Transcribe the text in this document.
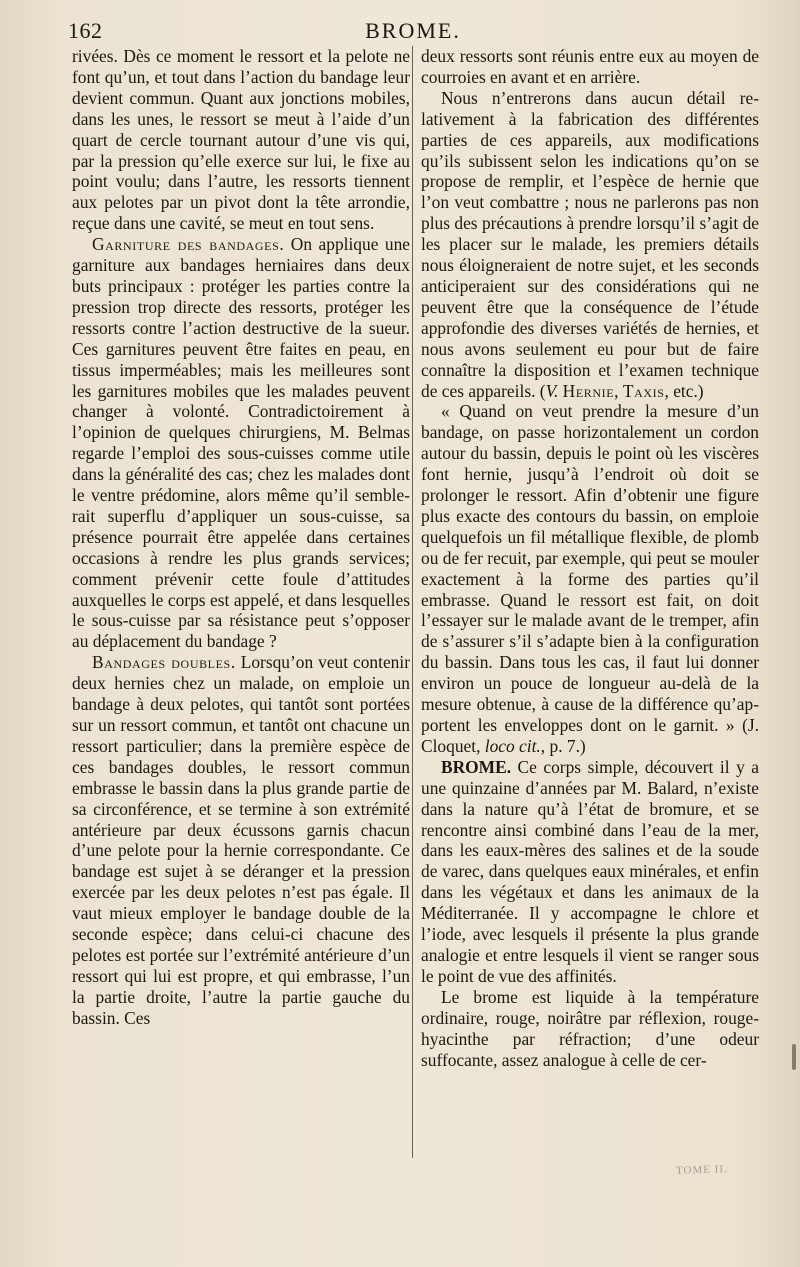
162	BROME.

rivées. Dès ce moment le ressort et la pelote ne font qu’un, et tout dans l’action du bandage leur devient commun. Quant aux jonctions mobiles, dans les unes, le ressort se meut à l’aide d’un quart de cercle tournant autour d’une vis qui, par la pression qu’elle exerce sur lui, le fixe au point voulu; dans l’autre, les ressorts tiennent aux pelotes par un pivot dont la tête arrondie, reçue dans une cavité, se meut en tout sens.

Garniture des bandages. On applique une garniture aux bandages herniaires dans deux buts principaux : protéger les parties contre la pression trop directe des ressorts, protéger les ressorts contre l’action destructive de la sueur. Ces garnitures peuvent être faites en peau, en tissus imperméables; mais les meilleures sont les garnitures mobiles que les malades peuvent changer à volonté. Contradictoirement à l’opinion de quelques chirurgiens, M. Belmas regarde l’emploi des sous-cuisses comme utile dans la généralité des cas; chez les malades dont le ventre prédomine, alors même qu’il semblerait superflu d’appliquer un sous-cuisse, sa présence pourrait être appelée dans certaines occasions à rendre les plus grands services; comment prévenir cette foule d’attitudes auxquelles le corps est appelé, et dans lesquelles le sous-cuisse par sa résistance peut s’opposer au déplacement du bandage ?

Bandages doubles. Lorsqu’on veut contenir deux hernies chez un malade, on emploie un bandage à deux pelotes, qui tantôt sont portées sur un ressort commun, et tantôt ont chacune un ressort particulier; dans la première espèce de ces bandages doubles, le ressort commun embrasse le bassin dans la plus grande partie de sa circonférence, et se termine à son extrémité antérieure par deux écussons garnis chacun d’une pelote pour la hernie correspondante. Ce bandage est sujet à se déranger et la pression exercée par les deux pelotes n’est pas égale. Il vaut mieux employer le bandage double de la seconde espèce; dans celui-ci chacune des pelotes est portée sur l’extrémité antérieure d’un ressort qui lui est propre, et qui embrasse, l’un la partie droite, l’autre la partie gauche du bassin. Ces

deux ressorts sont réunis entre eux au moyen de courroies en avant et en arrière.

Nous n’entrerons dans aucun détail relativement à la fabrication des différentes parties de ces appareils, aux modifications qu’ils subissent selon les indications qu’on se propose de remplir, et l’espèce de hernie que l’on veut combattre ; nous ne parlerons pas non plus des précautions à prendre lorsqu’il s’agit de les placer sur le malade, les premiers détails nous éloigneraient de notre sujet, et les seconds anticiperaient sur des considérations qui ne peuvent être que la conséquence de l’étude approfondie des diverses variétés de hernies, et nous avons seulement eu pour but de faire connaître la disposition et l’examen technique de ces appareils. (V. Hernie, Taxis, etc.)

« Quand on veut prendre la mesure d’un bandage, on passe horizontalement un cordon autour du bassin, depuis le point où les viscères font hernie, jusqu’à l’endroit où doit se prolonger le ressort. Afin d’obtenir une figure plus exacte des contours du bassin, on emploie quelquefois un fil métallique flexible, de plomb ou de fer recuit, par exemple, qui peut se mouler exactement à la forme des parties qu’il embrasse. Quand le ressort est fait, on doit l’essayer sur le malade avant de le tremper, afin de s’assurer s’il s’adapte bien à la configuration du bassin. Dans tous les cas, il faut lui donner environ un pouce de longueur au-delà de la mesure obtenue, à cause de la différence qu’apportent les enveloppes dont on le garnit. » (J. Cloquet, loco cit., p. 7.)

BROME. Ce corps simple, découvert il y a une quinzaine d’années par M. Balard, n’existe dans la nature qu’à l’état de bromure, et se rencontre ainsi combiné dans l’eau de la mer, dans les eaux-mères des salines et de la soude de varec, dans quelques eaux minérales, et enfin dans les végétaux et dans les animaux de la Méditerranée. Il y accompagne le chlore et l’iode, avec lesquels il présente la plus grande analogie et entre lesquels il vient se ranger sous le point de vue des affinités.

Le brome est liquide à la température ordinaire, rouge, noirâtre par réflexion, rouge-hyacinthe par réfraction; d’une odeur suffocante, assez analogue à celle de cer-

TOME II.
